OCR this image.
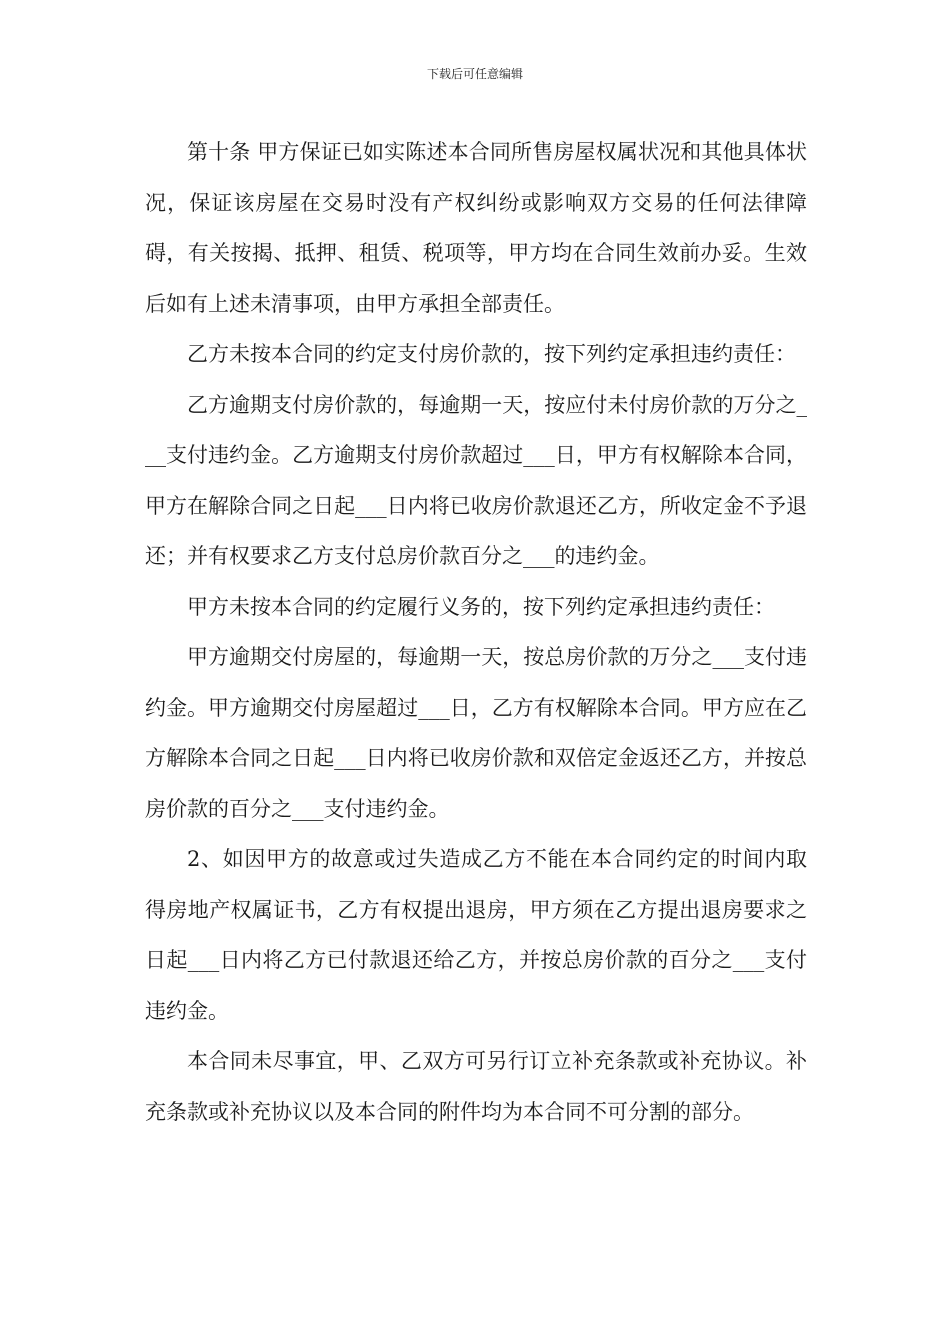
下载后可任意编辑

第十条 甲方保证已如实陈述本合同所售房屋权属状况和其他具体状况，保证该房屋在交易时没有产权纠纷或影响双方交易的任何法律障碍，有关按揭、抵押、租赁、税项等，甲方均在合同生效前办妥。生效后如有上述未清事项，由甲方承担全部责任。

乙方未按本合同的约定支付房价款的，按下列约定承担违约责任：

乙方逾期支付房价款的，每逾期一天，按应付未付房价款的万分之___支付违约金。乙方逾期支付房价款超过___日，甲方有权解除本合同，甲方在解除合同之日起___日内将已收房价款退还乙方，所收定金不予退还；并有权要求乙方支付总房价款百分之___的违约金。

甲方未按本合同的约定履行义务的，按下列约定承担违约责任：

甲方逾期交付房屋的，每逾期一天，按总房价款的万分之___支付违约金。甲方逾期交付房屋超过___日，乙方有权解除本合同。甲方应在乙方解除本合同之日起___日内将已收房价款和双倍定金返还乙方，并按总房价款的百分之___支付违约金。

2、如因甲方的故意或过失造成乙方不能在本合同约定的时间内取得房地产权属证书，乙方有权提出退房，甲方须在乙方提出退房要求之日起___日内将乙方已付款退还给乙方，并按总房价款的百分之___支付违约金。

本合同未尽事宜，甲、乙双方可另行订立补充条款或补充协议。补充条款或补充协议以及本合同的附件均为本合同不可分割的部分。
